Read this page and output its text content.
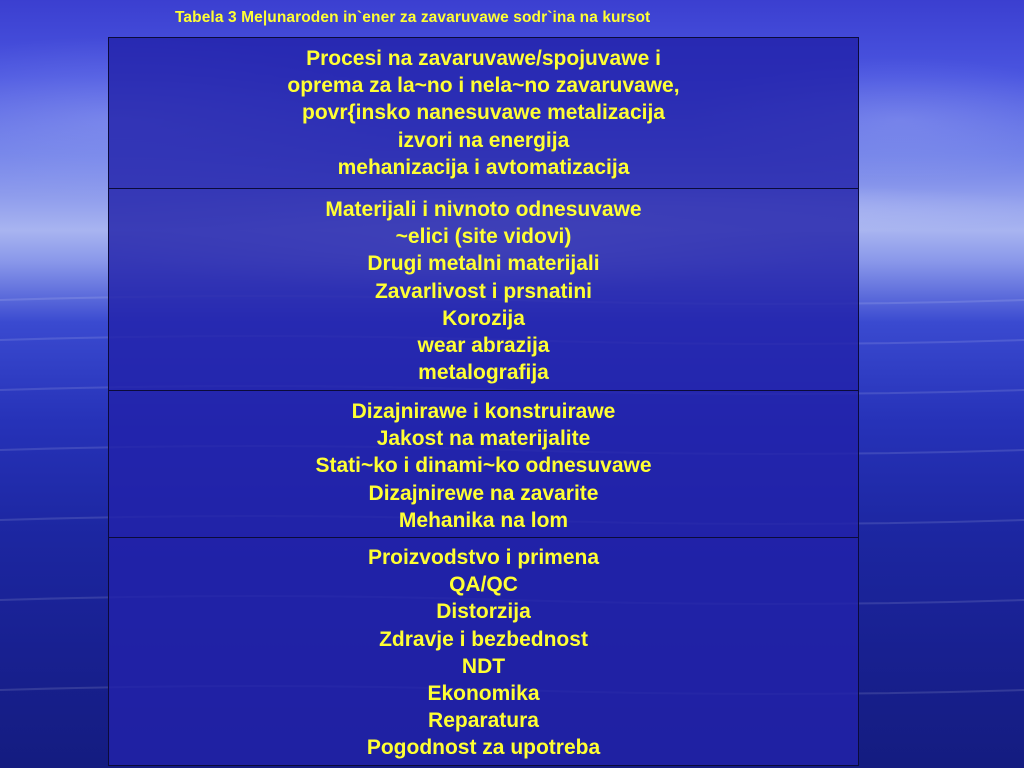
Tabela 3 Me|unaroden in`ener za zavaruvawe sodr`ina na kursot
Procesi na zavaruvawe/spojuvawe i
oprema za la~no i nela~no zavaruvawe,
povr{insko nanesuvawe metalizacija
izvori na energija
mehanizacija i avtomatizacija
Materijali i nivnoto odnesuvawe
~elici (site vidovi)
Drugi metalni materijali
Zavarlivost i prsnatini
Korozija
wear abrazija
metalografija
Dizajnirawe i konstruirawe
Jakost na materijalite
Stati~ko i dinami~ko odnesuvawe
Dizajnirewe na zavarite
Mehanika na lom
Proizvodstvo i primena
QA/QC
Distorzija
Zdravje i bezbednost
NDT
Ekonomika
Reparatura
Pogodnost za upotreba
